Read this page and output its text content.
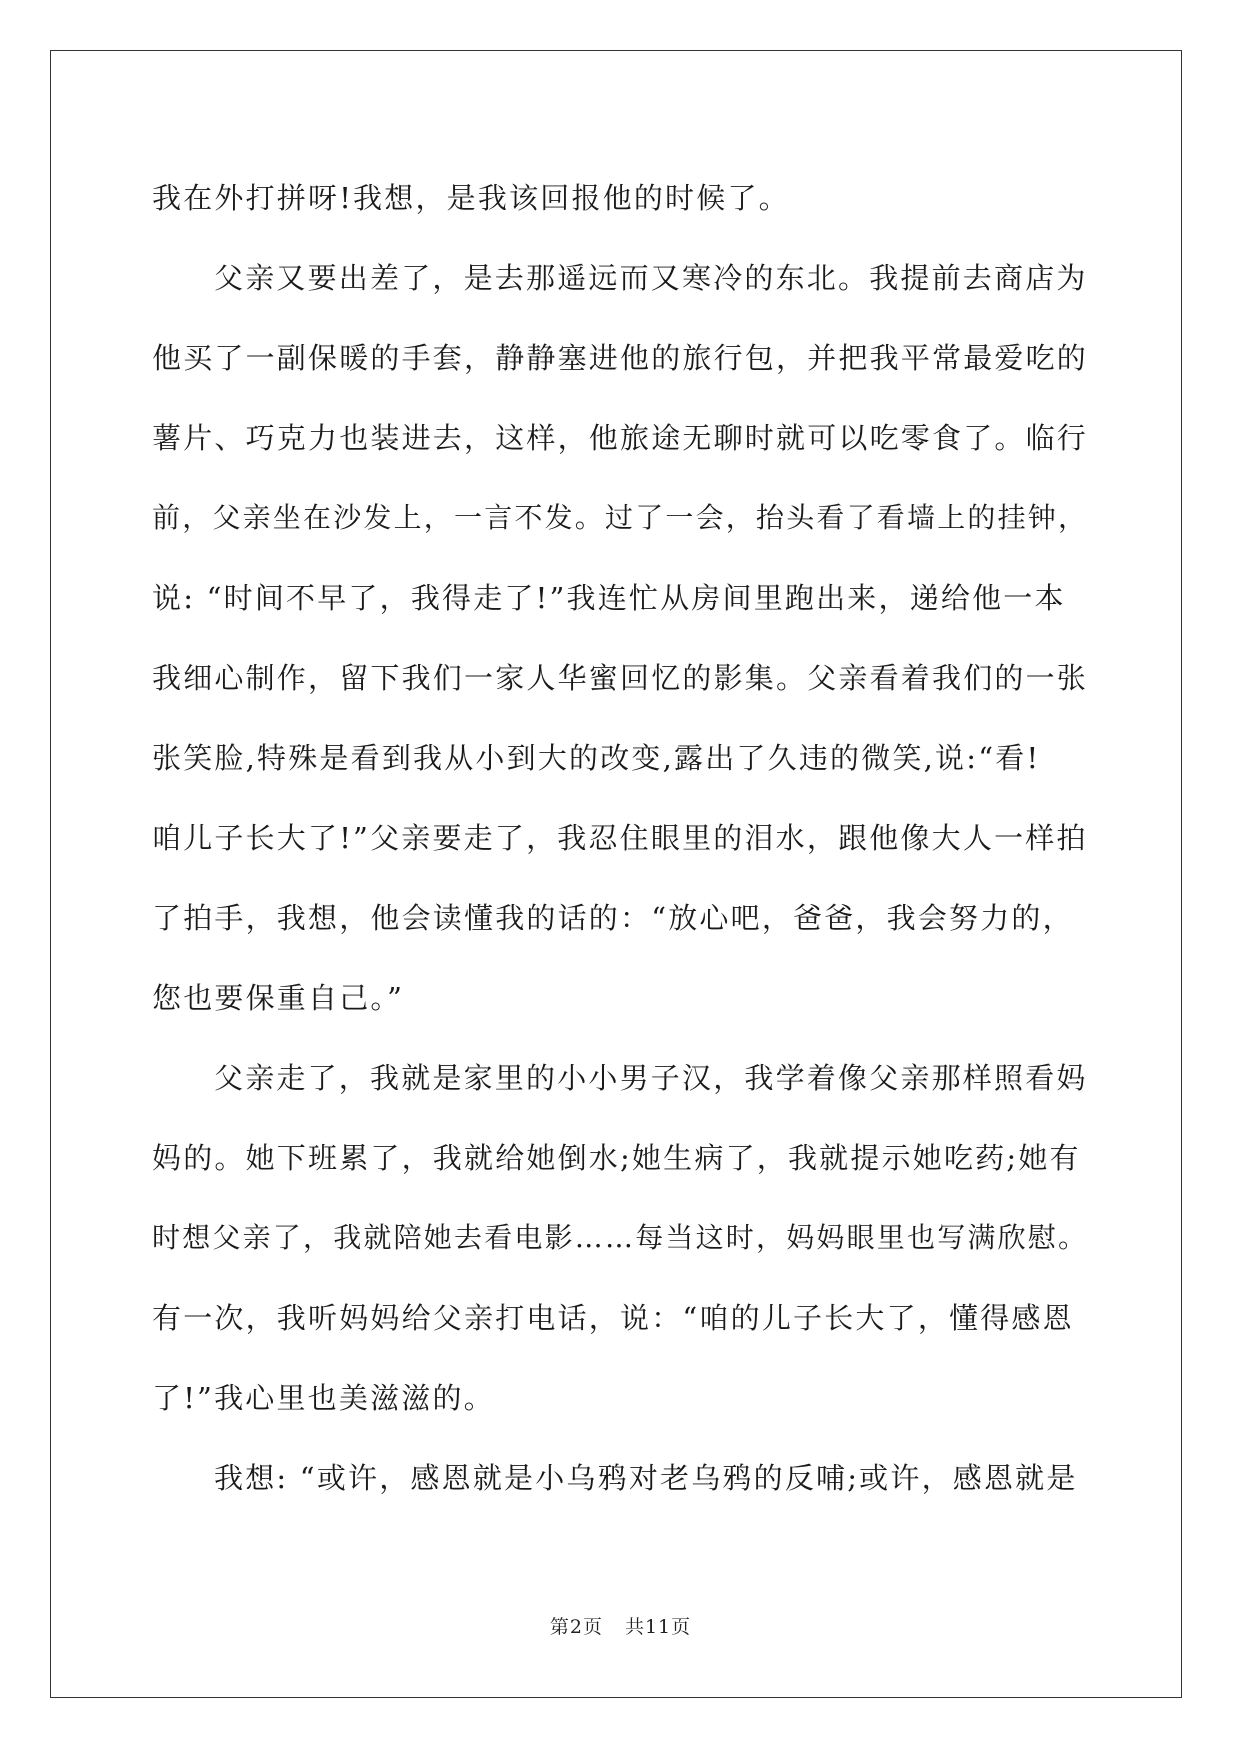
我在外打拼呀!我想，是我该回报他的时候了。
父亲又要出差了，是去那遥远而又寒冷的东北。我提前去商店为
他买了一副保暖的手套，静静塞进他的旅行包，并把我平常最爱吃的
薯片、巧克力也装进去，这样，他旅途无聊时就可以吃零食了。临行
前，父亲坐在沙发上，一言不发。过了一会，抬头看了看墙上的挂钟，
说: “时间不早了，我得走了!”我连忙从房间里跑出来，递给他一本
我细心制作，留下我们一家人华蜜回忆的影集。父亲看着我们的一张
张笑脸,特殊是看到我从小到大的改变,露出了久违的微笑,说:“看!
咱儿子长大了!”父亲要走了，我忍住眼里的泪水，跟他像大人一样拍
了拍手，我想，他会读懂我的话的：“放心吧，爸爸，我会努力的，
您也要保重自己。”
父亲走了，我就是家里的小小男子汉，我学着像父亲那样照看妈
妈的。她下班累了，我就给她倒水;她生病了，我就提示她吃药;她有
时想父亲了，我就陪她去看电影……每当这时，妈妈眼里也写满欣慰。
有一次，我听妈妈给父亲打电话，说：“咱的儿子长大了，懂得感恩
了!”我心里也美滋滋的。
我想: “或许，感恩就是小乌鸦对老乌鸦的反哺;或许，感恩就是
第2页 共11页
